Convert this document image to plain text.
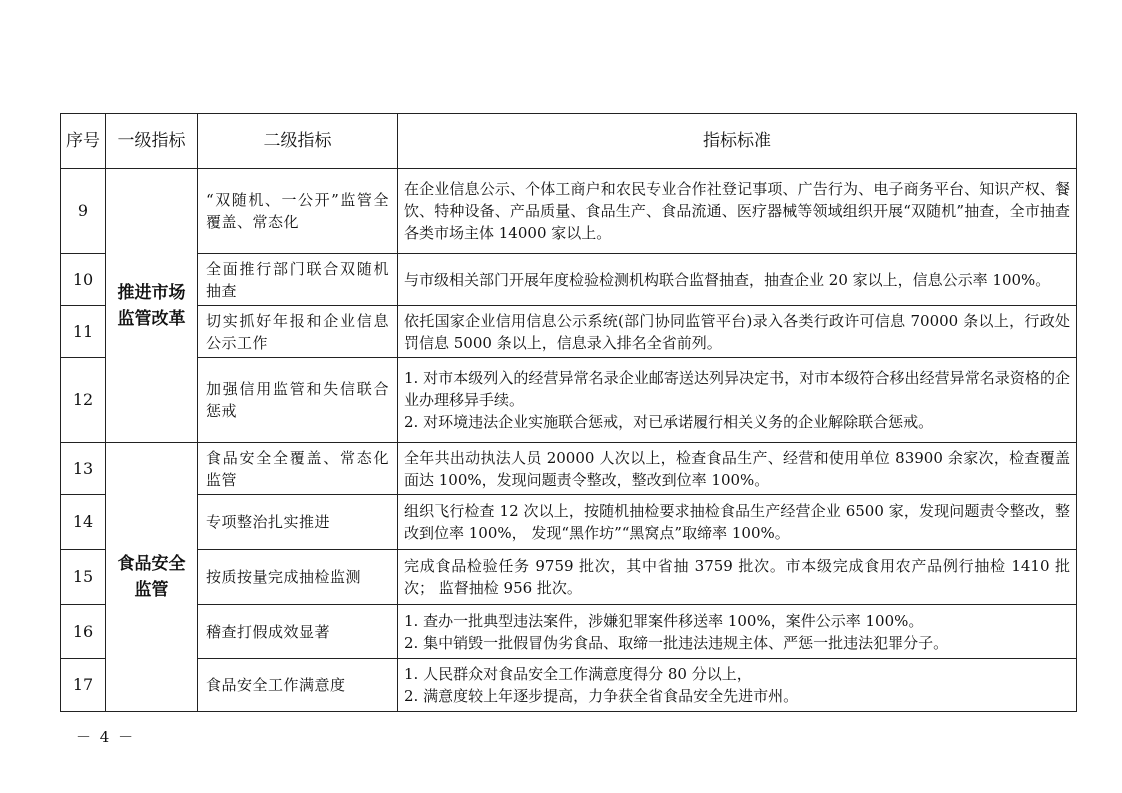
序号	一级指标	二级指标	指标标准
9	推进市场监管改革	“双随机、一公开”监管全覆盖、常态化	在企业信息公示、个体工商户和农民专业合作社登记事项、广告行为、电子商务平台、知识产权、餐饮、特种设备、产品质量、食品生产、食品流通、医疗器械等领域组织开展“双随机”抽查，全市抽查各类市场主体 14000 家以上。

10		全面推行部门联合双随机抽查	与市级相关部门开展年度检验检测机构联合监督抽查，抽查企业 20 家以上，信息公示率 100%。

11		切实抓好年报和企业信息公示工作	依托国家企业信用信息公示系统(部门协同监管平台)录入各类行政许可信息 70000 条以上，行政处罚信息 5000 条以上，信息录入排名全省前列。

12		加强信用监管和失信联合惩戒	1. 对市本级列入的经营异常名录企业邮寄送达列异决定书，对市本级符合移出经营异常名录资格的企业办理移异手续。
2. 对环境违法企业实施联合惩戒，对已承诺履行相关义务的企业解除联合惩戒。

13	食品安全监管	食品安全全覆盖、常态化监管	全年共出动执法人员 20000 人次以上，检查食品生产、经营和使用单位 83900 余家次，检查覆盖面达 100%，发现问题责令整改，整改到位率 100%。

14		专项整治扎实推进	组织飞行检查 12 次以上，按随机抽检要求抽检食品生产经营企业 6500 家，发现问题责令整改，整改到位率 100%， 发现“黑作坊”“黑窝点”取缔率 100%。

15		按质按量完成抽检监测	完成食品检验任务 9759 批次，其中省抽 3759 批次。市本级完成食用农产品例行抽检 1410 批次； 监督抽检 956 批次。

16		稽查打假成效显著	1. 查办一批典型违法案件，涉嫌犯罪案件移送率 100%，案件公示率 100%。
2. 集中销毁一批假冒伪劣食品、取缔一批违法违规主体、严惩一批违法犯罪分子。

17		食品安全工作满意度	1. 人民群众对食品安全工作满意度得分 80 分以上，
2. 满意度较上年逐步提高，力争获全省食品安全先进市州。
－ 4 －
